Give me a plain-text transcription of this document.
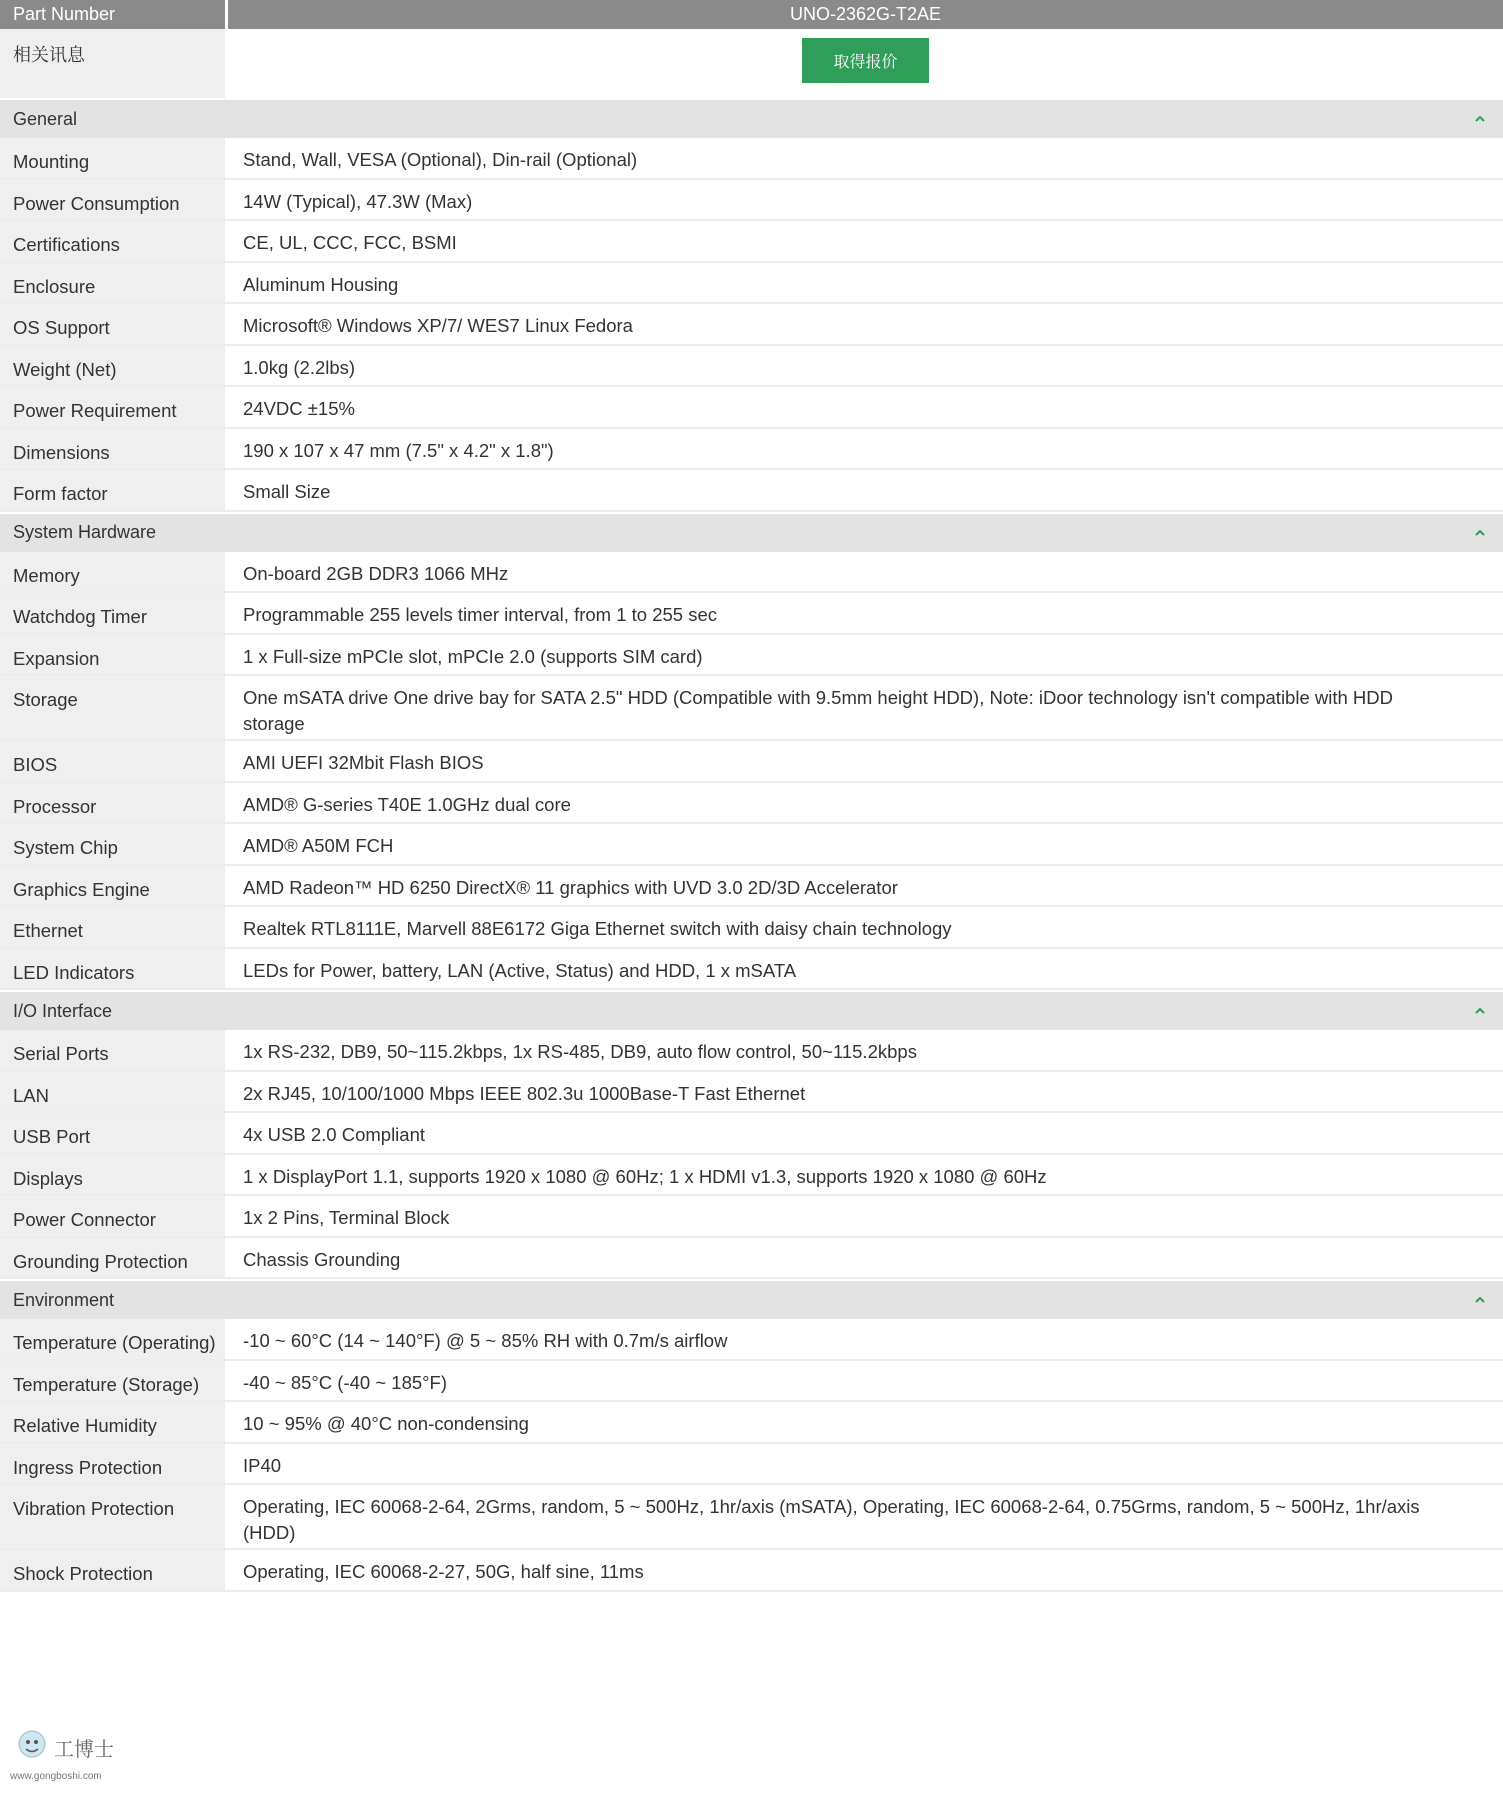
Part Number	UNO-2362G-T2AE
相关讯息	取得报价
General
Mounting	Stand, Wall, VESA (Optional), Din-rail (Optional)
Power Consumption	14W (Typical), 47.3W (Max)
Certifications	CE, UL, CCC, FCC, BSMI
Enclosure	Aluminum Housing
OS Support	Microsoft® Windows XP/7/ WES7 Linux Fedora
Weight (Net)	1.0kg (2.2lbs)
Power Requirement	24VDC ±15%
Dimensions	190 x 107 x 47 mm (7.5" x 4.2" x 1.8")
Form factor	Small Size
System Hardware
Memory	On-board 2GB DDR3 1066 MHz
Watchdog Timer	Programmable 255 levels timer interval, from 1 to 255 sec
Expansion	1 x Full-size mPCIe slot, mPCIe 2.0 (supports SIM card)
Storage	One mSATA drive One drive bay for SATA 2.5" HDD (Compatible with 9.5mm height HDD), Note: iDoor technology isn't compatible with HDD storage
BIOS	AMI UEFI 32Mbit Flash BIOS
Processor	AMD® G-series T40E 1.0GHz dual core
System Chip	AMD® A50M FCH
Graphics Engine	AMD Radeon™ HD 6250 DirectX® 11 graphics with UVD 3.0 2D/3D Accelerator
Ethernet	Realtek RTL8111E, Marvell 88E6172 Giga Ethernet switch with daisy chain technology
LED Indicators	LEDs for Power, battery, LAN (Active, Status) and HDD, 1 x mSATA
I/O Interface
Serial Ports	1x RS-232, DB9, 50~115.2kbps, 1x RS-485, DB9, auto flow control, 50~115.2kbps
LAN	2x RJ45, 10/100/1000 Mbps IEEE 802.3u 1000Base-T Fast Ethernet
USB Port	4x USB 2.0 Compliant
Displays	1 x DisplayPort 1.1, supports 1920 x 1080 @ 60Hz; 1 x HDMI v1.3, supports 1920 x 1080 @ 60Hz
Power Connector	1x 2 Pins, Terminal Block
Grounding Protection	Chassis Grounding
Environment
Temperature (Operating)	-10 ~ 60°C (14 ~ 140°F) @ 5 ~ 85% RH with 0.7m/s airflow
Temperature (Storage)	-40 ~ 85°C (-40 ~ 185°F)
Relative Humidity	10 ~ 95% @ 40°C non-condensing
Ingress Protection	IP40
Vibration Protection	Operating, IEC 60068-2-64, 2Grms, random, 5 ~ 500Hz, 1hr/axis (mSATA), Operating, IEC 60068-2-64, 0.75Grms, random, 5 ~ 500Hz, 1hr/axis (HDD)
Shock Protection	Operating, IEC 60068-2-27, 50G, half sine, 11ms
工博士
www.gongboshi.com
